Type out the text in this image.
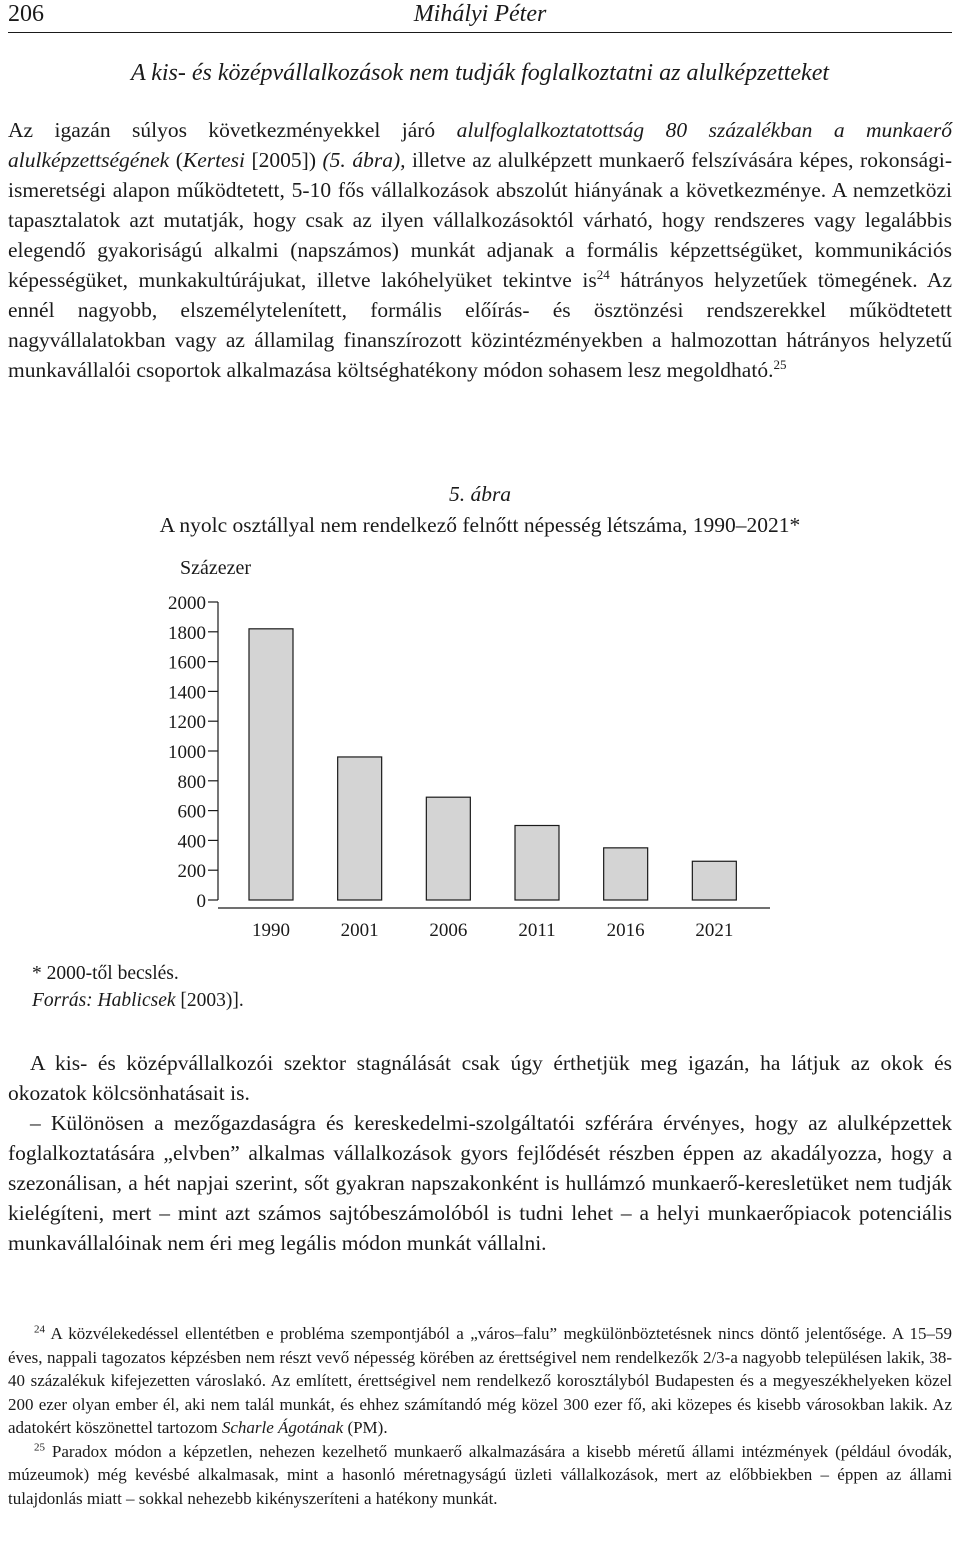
206	Mihályi Péter
A kis- és középvállalkozások nem tudják foglalkoztatni az alulképzetteket

Az igazán súlyos következményekkel járó alulfoglalkoztatottság 80 százalékban a munkaerő alulképzettségének (Kertesi [2005]) (5. ábra), illetve az alulképzett munkaerő felszívására képes, rokonsági-ismeretségi alapon működtetett, 5-10 fős vállalkozások abszolút hiányának a következménye. A nemzetközi tapasztalatok azt mutatják, hogy csak az ilyen vállalkozásoktól várható, hogy rendszeres vagy legalábbis elegendő gyakoriságú alkalmi (napszámos) munkát adjanak a formális képzettségüket, kommunikációs képességüket, munkakultúrájukat, illetve lakóhelyüket tekintve $is^{24}$ hátrányos helyzetűek tömegének. Az ennél nagyobb, elszemélytelenített, formális előírás- és ösztönzési rendszerekkel működtetett nagyvállalatokban vagy az államilag finanszírozott közintézményekben a halmozottan hátrányos helyzetű munkavállalói csoportok alkalmazása költséghatékony módon sohasem lesz megoldható.$^{25}$

5. ábra
A nyolc osztállyal nem rendelkező felnőtt népesség létszáma, 1990–2021*
Százezer
0
200
400
600
800
1000
1200
1400
1600
1800
2000
1990	2001	2006	2011	2016	2021
* 2000-től becslés.
Forrás: Hablicsek [2003)].

A kis- és középvállalkozói szektor stagnálását csak úgy érthetjük meg igazán, ha látjuk az okok és okozatok kölcsönhatásait is.

– Különösen a mezőgazdaságra és kereskedelmi-szolgáltatói szférára érvényes, hogy az alulképzettek foglalkoztatására „elvben” alkalmas vállalkozások gyors fejlődését részben éppen az akadályozza, hogy a szezonálisan, a hét napjai szerint, sőt gyakran napszakonként is hullámzó munkaerő-keresletüket nem tudják kielégíteni, mert – mint azt számos sajtóbeszámolóból is tudni lehet – a helyi munkaerőpiacok potenciális munkavállalóinak nem éri meg legális módon munkát vállalni.

$^{24}$ A közvélekedéssel ellentétben e probléma szempontjából a „város–falu” megkülönböztetésnek nincs döntő jelentősége. A 15–59 éves, nappali tagozatos képzésben nem részt vevő népesség körében az érettségivel nem rendelkezők 2/3-a nagyobb településen lakik, 38-40 százalékuk kifejezetten városlakó. Az említett, érettségivel nem rendelkező korosztályból Budapesten és a megyeszékhelyeken közel 200 ezer olyan ember él, aki nem talál munkát, és ehhez számítandó még közel 300 ezer fő, aki közepes és kisebb városokban lakik. Az adatokért köszönettel tartozom Scharle Ágotának (PM).

$^{25}$ Paradox módon a képzetlen, nehezen kezelhető munkaerő alkalmazására a kisebb méretű állami intézmények (például óvodák, múzeumok) még kevésbé alkalmasak, mint a hasonló méretnagyságú üzleti vállalkozások, mert az előbbiekben – éppen az állami tulajdonlás miatt – sokkal nehezebb kikényszeríteni a hatékony munkát.
